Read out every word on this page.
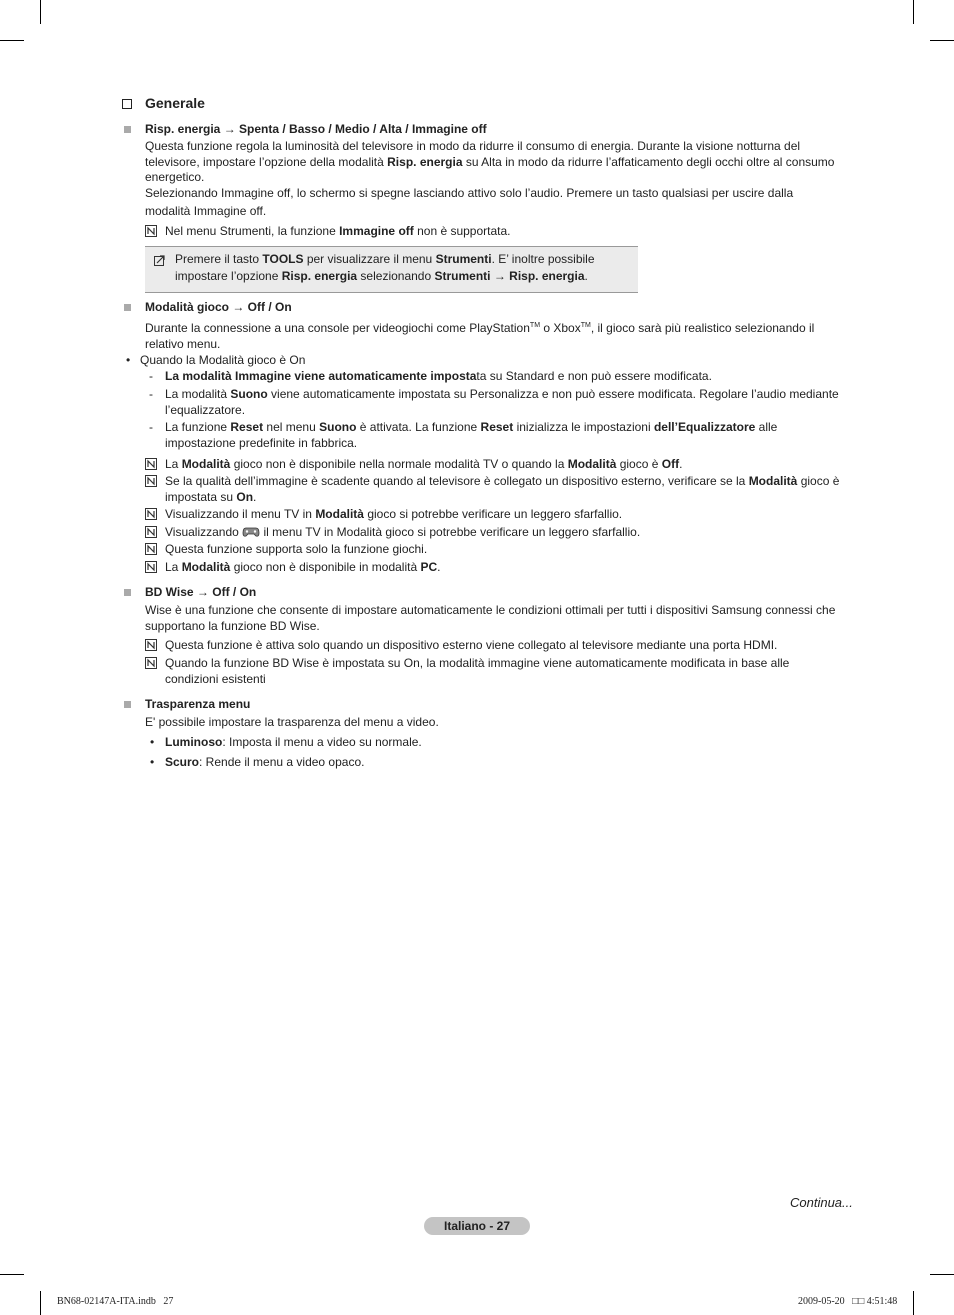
Generale
Risp. energia → Spenta / Basso / Medio / Alta / Immagine off
Questa funzione regola la luminosità del televisore in modo da ridurre il consumo di energia. Durante la visione notturna del
televisore, impostare l’opzione della modalità Risp. energia su Alta in modo da ridurre l’affaticamento degli occhi oltre al consumo
energetico.
Selezionando Immagine off, lo schermo si spegne lasciando attivo solo l’audio. Premere un tasto qualsiasi per uscire dalla
modalità Immagine off.
Nel menu Strumenti, la funzione Immagine off non è supportata.
Premere il tasto TOOLS per visualizzare il menu Strumenti. E’ inoltre possibile
impostare l’opzione Risp. energia selezionando Strumenti → Risp. energia.
Modalità gioco → Off / On
Durante la connessione a una console per videogiochi come PlayStation™ o Xbox™, il gioco sarà più realistico selezionando il
relativo menu.
• Quando la Modalità gioco è On
- La modalità Immagine viene automaticamente impostata su Standard e non può essere modificata.
- La modalità Suono viene automaticamente impostata su Personalizza e non può essere modificata. Regolare l’audio mediante
l’equalizzatore.
- La funzione Reset nel menu Suono è attivata. La funzione Reset inizializza le impostazioni dell’Equalizzatore alle
impostazione predefinite in fabbrica.
La Modalità gioco non è disponibile nella normale modalità TV o quando la Modalità gioco è Off.
Se la qualità dell’immagine è scadente quando al televisore è collegato un dispositivo esterno, verificare se la Modalità gioco è
impostata su On.
Visualizzando il menu TV in Modalità gioco si potrebbe verificare un leggero sfarfallio.
Visualizzando  il menu TV in Modalità gioco si potrebbe verificare un leggero sfarfallio.
Questa funzione supporta solo la funzione giochi.
La Modalità gioco non è disponibile in modalità PC.
BD Wise → Off / On
Wise è una funzione che consente di impostare automaticamente le condizioni ottimali per tutti i dispositivi Samsung connessi che
supportano la funzione BD Wise.
Questa funzione è attiva solo quando un dispositivo esterno viene collegato al televisore mediante una porta HDMI.
Quando la funzione BD Wise è impostata su On, la modalità immagine viene automaticamente modificata in base alle
condizioni esistenti
Trasparenza menu
E' possibile impostare la trasparenza del menu a video.
• Luminoso: Imposta il menu a video su normale.
• Scuro: Rende il menu a video opaco.
Continua...
Italiano - 27
BN68-02147A-ITA.indb   27	2009-05-20   □□ 4:51:48
